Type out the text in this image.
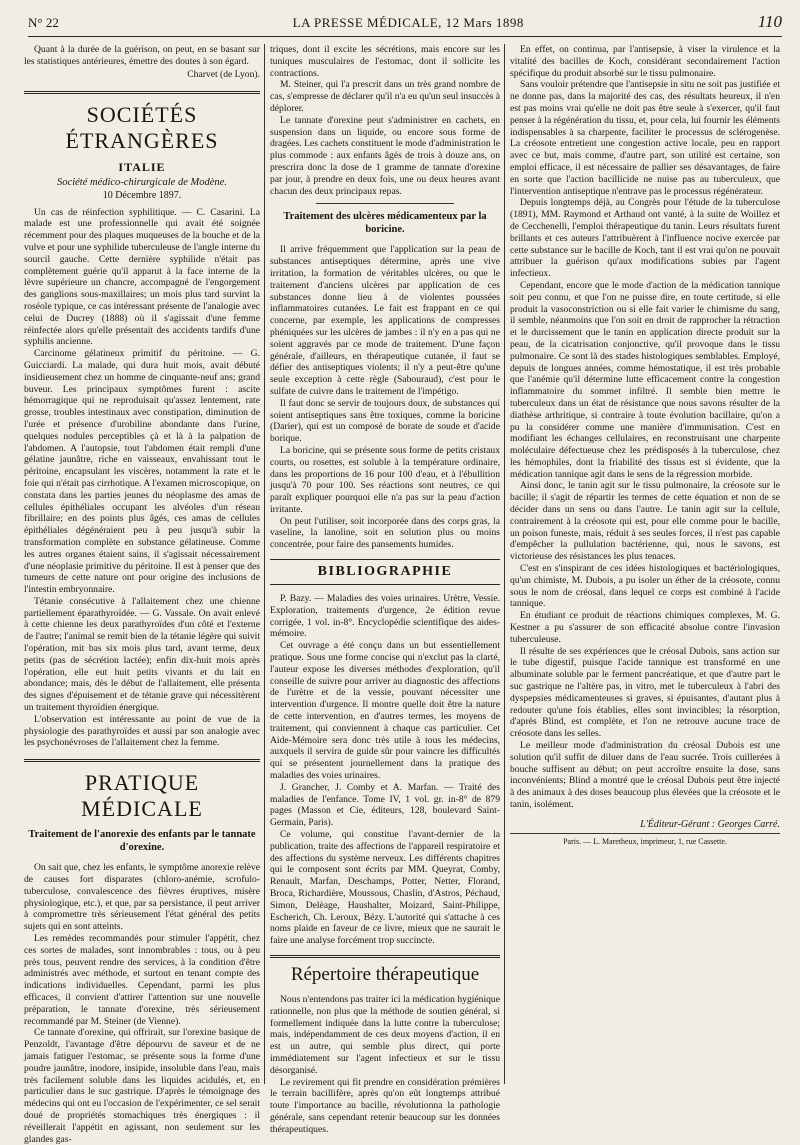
N° 22	LA PRESSE MÉDICALE, 12 Mars 1898	110

Quant à la durée de la guérison, on peut, en se basant sur les statistiques antérieures, émettre des doutes à son égard.

Charvet (de Lyon).
SOCIÉTÉS ÉTRANGÈRES
ITALIE
Société médico-chirurgicale de Modène.
10 Décembre 1897.

Un cas de réinfection syphilitique. — C. Casarini. La malade est une professionnelle qui avait été soignée récemment pour des plaques muqueuses de la bouche et de la vulve et pour une syphilide tuberculeuse de l'angle interne du sourcil gauche. Cette dernière syphilide n'était pas complètement guérie qu'il apparut à la face interne de la lèvre supérieure un chancre, accompagné de l'engorgement des ganglions sous-maxillaires; un mois plus tard survint la roséole typique, ce cas intéressant présente de l'analogie avec celui de Ducrey (1888) où il s'agissait d'une femme réinfectée alors qu'elle présentait des accidents tardifs d'une syphilis ancienne.

Carcinome gélatineux primitif du péritoine. — G. Guicciardi. La malade, qui dura huit mois, avait débuté insidieusement chez un homme de cinquante-neuf ans; grand buveur. Les principaux symptômes furent : ascite hémorragique qui ne reproduisait qu'assez lentement, rate grosse, troubles intestinaux avec constipation, diminution de l'urée et présence d'urobiline abondante dans l'urine, quelques nodules perceptibles çà et là à la palpation de l'abdomen. A l'autopsie, tout l'abdomen était rempli d'une gélatine jaunâtre, riche en vaisseaux, envahissant tout le péritoine, encapsulant les viscères, notamment la rate et le foie qui n'était pas cirrhotique. A l'examen microscopique, on constata dans les parties jeunes du néoplasme des amas de cellules épithéliales occupant les alvéoles d'un réseau fibrillaire; en des points plus âgés, ces amas de cellules épithéliales dégénéraient peu à peu jusqu'à subir la transformation complète en substance gélatineuse. Comme les autres organes étaient sains, il s'agissait nécessairement d'une néoplasie primitive du péritoine. Il est à penser que des tumeurs de cette nature ont pour origine des inclusions de l'intestin embryonnaire.

Tétanie consécutive à l'allaitement chez une chienne partiellement éparathyroïdée. — G. Vassale. On avait enlevé à cette chienne les deux parathyroïdes d'un côté et l'externe de l'autre; l'animal se remit bien de la tétanie légère qui suivit l'opération, mit bas six mois plus tard, avant terme, deux petits (pas de sécrétion lactée); enfin dix-huit mois après l'opération, elle eut huit petits vivants et du lait en abondance; mais, dès le début de l'allaitement, elle présenta des signes d'épuisement et de tétanie grave qui nécessitèrent un traitement thyroïdien énergique.

L'observation est intéressante au point de vue de la physiologie des parathyroïdes et aussi par son analogie avec les psychonévroses de l'allaitement chez la femme.

PRATIQUE MÉDICALE
Traitement de l'anorexie des enfants par le tannate d'orexine.

On sait que, chez les enfants, le symptôme anorexie relève de causes fort disparates (chloro-anémie, scrofulo-tuberculose, convalescence des fièvres éruptives, misère physiologique, etc.), et que, par sa persistance, il peut arriver à compromettre très sérieusement l'état général des petits sujets qui en sont atteints.

Les remèdes recommandés pour stimuler l'appétit, chez ces sortes de malades, sont innombrables : tous, ou à peu près tous, peuvent rendre des services, à la condition d'être administrés avec méthode, et surtout en tenant compte des indications individuelles. Cependant, parmi les plus efficaces, il convient d'attirer l'attention sur une nouvelle préparation, le tannate d'orexine, très sérieusement recommandé par M. Steiner (de Vienne).

Ce tannate d'orexine, qui offrirait, sur l'orexine basique de Penzoldt, l'avantage d'être dépourvu de saveur et de ne jamais fatiguer l'estomac, se présente sous la forme d'une poudre jaunâtre, inodore, insipide, insoluble dans l'eau, mais très facilement soluble dans les liquides acidulés, et, en particulier dans le suc gastrique. D'après le témoignage des médecins qui ont eu l'occasion de l'expérimenter, ce sel serait doué de propriétés stomachiques très énergiques : il réveillerait l'appétit en agissant, non seulement sur les glandes gas-

triques, dont il excite les sécrétions, mais encore sur les tuniques musculaires de l'estomac, dont il sollicite les contractions.

M. Steiner, qui l'a prescrit dans un très grand nombre de cas, s'empresse de déclarer qu'il n'a eu qu'un seul insuccès à déplorer.

Le tannate d'orexine peut s'administrer en cachets, en suspension dans un liquide, ou encore sous forme de dragées. Les cachets constituent le mode d'administration le plus commode : aux enfants âgés de trois à douze ans, on prescrira donc la dose de 1 gramme de tannate d'orexine par jour, à prendre en deux fois, une ou deux heures avant chacun des deux principaux repas.

Traitement des ulcères médicamenteux par la boricine.

Il arrive fréquemment que l'application sur la peau de substances antiseptiques détermine, après une vive irritation, la formation de véritables ulcères, ou que le traitement d'anciens ulcères par application de ces substances donne lieu à de violentes poussées inflammatoires cutanées. Le fait est frappant en ce qui concerne, par exemple, les applications de compresses phéniquées sur les ulcères de jambes : il n'y en a pas qui ne soient aggravés par ce mode de traitement. D'une façon générale, d'ailleurs, en thérapeutique cutanée, il faut se défier des antiseptiques violents; il n'y a peut-être qu'une seule exception à cette règle (Sabouraud), c'est pour le sulfate de cuivre dans le traitement de l'impétigo.

Il faut donc se servir de toujours doux, de substances qui soient antiseptiques sans être toxiques, comme la boricine (Darier), qui est un composé de borate de soude et d'acide borique.

La boricine, qui se présente sous forme de petits cristaux courts, ou rosettes, est soluble à la température ordinaire, dans les proportions de 16 pour 100 d'eau, et à l'ébullition jusqu'à 70 pour 100. Ses réactions sont neutres, ce qui paraît expliquer pourquoi elle n'a pas sur la peau d'action irritante.

On peut l'utiliser, soit incorporée dans des corps gras, la vaseline, la lanoline, soit en solution plus ou moins concentrée, pour faire des pansements humides.

BIBLIOGRAPHIE

P. Bazy. — Maladies des voies urinaires. Urètre, Vessie. Exploration, traitements d'urgence, 2e édition revue corrigée, 1 vol. in-8°. Encyclopédie scientifique des aides-mémoire.

Cet ouvrage a été conçu dans un but essentiellement pratique. Sous une forme concise qui n'exclut pas la clarté, l'auteur expose les diverses méthodes d'exploration, qu'il conseille de suivre pour arriver au diagnostic des affections de l'urètre et de la vessie, pouvant nécessiter une intervention d'urgence. Il montre quelle doit être la nature de cette intervention, en d'autres termes, les moyens de traitement, qui conviennent à chaque cas particulier. Cet Aide-Mémoire sera donc très utile à tous les médecins, auxquels il servira de guide sûr pour vaincre les difficultés qui se présentent journellement dans la pratique des maladies des voies urinaires.

J. Grancher, J. Comby et A. Marfan. — Traité des maladies de l'enfance. Tome IV, 1 vol. gr. in-8° de 879 pages (Masson et Cie, éditeurs, 128, boulevard Saint-Germain, Paris).

Ce volume, qui constitue l'avant-dernier de la publication, traite des affections de l'appareil respiratoire et des affections du système nerveux. Les différents chapitres qui le composent sont écrits par MM. Queyrat, Comby, Renault, Marfan, Deschamps, Potter, Netter, Florand, Broca, Richardière, Moussous, Chaslin, d'Astros, Péchaud, Simon, Delèage, Haushalter, Moizard, Saint-Philippe, Escherich, Ch. Leroux, Bézy. L'autorité qui s'attache à ces noms plaide en faveur de ce livre, mieux que ne saurait le faire une analyse forcément trop succincte.

Répertoire thérapeutique

Nous n'entendons pas traiter ici la médication hygiénique rationnelle, non plus que la méthode de soutien général, si formellement indiquée dans la lutte contre la tuberculose; mais, indépendamment de ces deux moyens d'action, il en est un autre, qui semble plus direct, qui porte immédiatement sur l'agent infectieux et sur le tissu désorganisé.

Le revirement qui fit prendre en considération prémières le terrain bacillifère, après qu'on eût longtemps attribué toute l'importance au bacille, révolutionna la pathologie générale, sans cependant retenir beaucoup sur les données thérapeutiques.

En effet, on continua, par l'antisepsie, à viser la virulence et la vitalité des bacilles de Koch, considérant secondairement l'action spécifique du produit absorbé sur le tissu pulmonaire.

Sans vouloir prétendre que l'antisepsie in situ ne soit pas justifiée et ne donne pas, dans la majorité des cas, des résultats heureux, il n'en est pas moins vrai qu'elle ne doit pas être seule à s'exercer, qu'il faut penser à la régénération du tissu, et, pour cela, lui fournir les éléments indispensables à sa charpente, faciliter le processus de sclérogenèse. La créosote entretient une congestion active locale, peu en rapport avec ce but, mais comme, d'autre part, son utilité est certaine, son emploi efficace, il est nécessaire de pallier ses désavantages, de faire en sorte que l'action bacillicide ne nuise pas au tuberculeux, que l'intervention antiseptique n'entrave pas le processus régénérateur.

Depuis longtemps déjà, au Congrès pour l'étude de la tuberculose (1891), MM. Raymond et Arthaud ont vanté, à la suite de Woillez et de Cecchenelli, l'emploi thérapeutique du tanin. Leurs résultats furent brillants et ces auteurs l'attribuèrent à l'influence nocive exercée par cette substance sur le bacille de Koch, tant il est vrai qu'on ne pouvait attribuer la guérison qu'aux modifications subies par l'agent infectieux.

Cependant, encore que le mode d'action de la médication tannique soit peu connu, et que l'on ne puisse dire, en toute certitude, si elle produit la vasoconstriction ou si elle fait varier le chimisme du sang, il semble, néanmoins que l'on soit en droit de rapprocher la rétraction et le durcissement que le tanin en application directe produit sur la peau, de la cicatrisation conjonctive, qu'il provoque dans le tissu pulmonaire. Ce sont là des stades histologiques semblables. Employé, depuis de longues années, comme hémostatique, il est très probable que l'anémie qu'il détermine lutte efficacement contre la congestion inflammatoire du sommet infiltré. Il semble bien mettre le tuberculeux dans un état de résistance que nous savons résulter de la diathèse arthritique, si contraire à toute évolution bacillaire, qu'on a pu la considérer comme une manière d'immunisation. C'est en modifiant les échanges cellulaires, en reconstruisant une charpente moléculaire défectueuse chez les prédisposés à la tuberculose, chez les hémophiles, dont la friabilité des tissus est si évidente, que la médication tannique agit dans le sens de la régression morbide.

Ainsi donc, le tanin agit sur le tissu pulmonaire, la créosote sur le bacille; il s'agit de répartir les termes de cette équation et non de se décider dans un sens ou dans l'autre. Le tanin agit sur la cellule, contrairement à la créosote qui est, pour elle comme pour le bacille, un poison funeste, mais, réduit à ses seules forces, il n'est pas capable d'empêcher la pullulation bactérienne, qui, nous le savons, est victorieuse des résistances les plus tenaces.

C'est en s'inspirant de ces idées histologiques et bactériologiques, qu'un chimiste, M. Dubois, a pu isoler un éther de la créosote, connu sous le nom de créosal, dans lequel ce corps est combiné à l'acide tannique.

En étudiant ce produit de réactions chimiques complexes, M. G. Kestner a pu s'assurer de son efficacité absolue contre l'invasion tuberculeuse.

Il résulte de ses expériences que le créosal Dubois, sans action sur le tube digestif, puisque l'acide tannique est transformé en une albuminate soluble par le ferment pancréatique, et que d'autre part le suc gastrique ne l'altère pas, in vitro, met le tuberculeux à l'abri des dyspepsies médicamenteuses si graves, si épuisantes, d'autant plus à redouter qu'une fois établies, elles sont invincibles; la résorption, d'après Blind, est complète, et l'on ne retrouve aucune trace de créosote dans les selles.

Le meilleur mode d'administration du créosal Dubois est une solution qu'il suffit de diluer dans de l'eau sucrée. Trois cuillerées à bouche suffisent au début; on peut accroître ensuite la dose, sans inconvénients; Blind a montré que le créosal Dubois peut être injecté à des animaux à des doses beaucoup plus élevées que la créosote et le tanin, isolément.

L'Éditeur-Gérant : Georges Carré.
Paris. — L. Maretheux, imprimeur, 1, rue Cassette.
